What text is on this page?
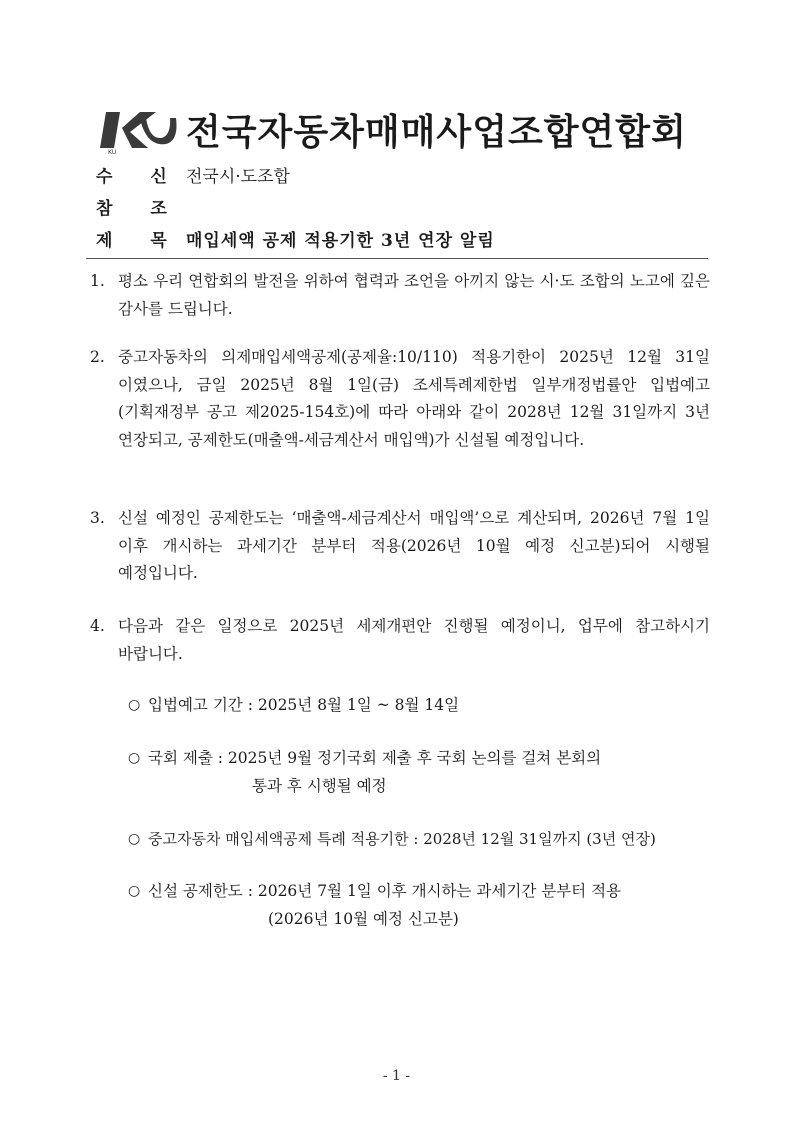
KU 전국자동차매매사업조합연합회
수 신 전국시·도조합
참 조
제 목 매입세액 공제 적용기한 3년 연장 알림
1. 평소 우리 연합회의 발전을 위하여 협력과 조언을 아끼지 않는 시·도 조합의 노고에 깊은 감사를 드립니다.
2. 중고자동차의 의제매입세액공제(공제율:10/110) 적용기한이 2025년 12월 31일 이였으나, 금일 2025년 8월 1일(금) 조세특례제한법 일부개정법률안 입법예고(기획재정부 공고 제2025-154호)에 따라 아래와 같이 2028년 12월 31일까지 3년 연장되고, 공제한도(매출액-세금계산서 매입액)가 신설될 예정입니다.
3. 신설 예정인 공제한도는 ‘매출액-세금계산서 매입액’으로 계산되며, 2026년 7월 1일 이후 개시하는 과세기간 분부터 적용(2026년 10월 예정 신고분)되어 시행될 예정입니다.
4. 다음과 같은 일정으로 2025년 세제개편안 진행될 예정이니, 업무에 참고하시기 바랍니다.
○ 입법예고 기간 : 2025년 8월 1일 ~ 8월 14일
○ 국회 제출 : 2025년 9월 정기국회 제출 후 국회 논의를 걸쳐 본회의
통과 후 시행될 예정
○ 중고자동차 매입세액공제 특례 적용기한 : 2028년 12월 31일까지 (3년 연장)
○ 신설 공제한도 : 2026년 7월 1일 이후 개시하는 과세기간 분부터 적용
(2026년 10월 예정 신고분)
- 1 -
